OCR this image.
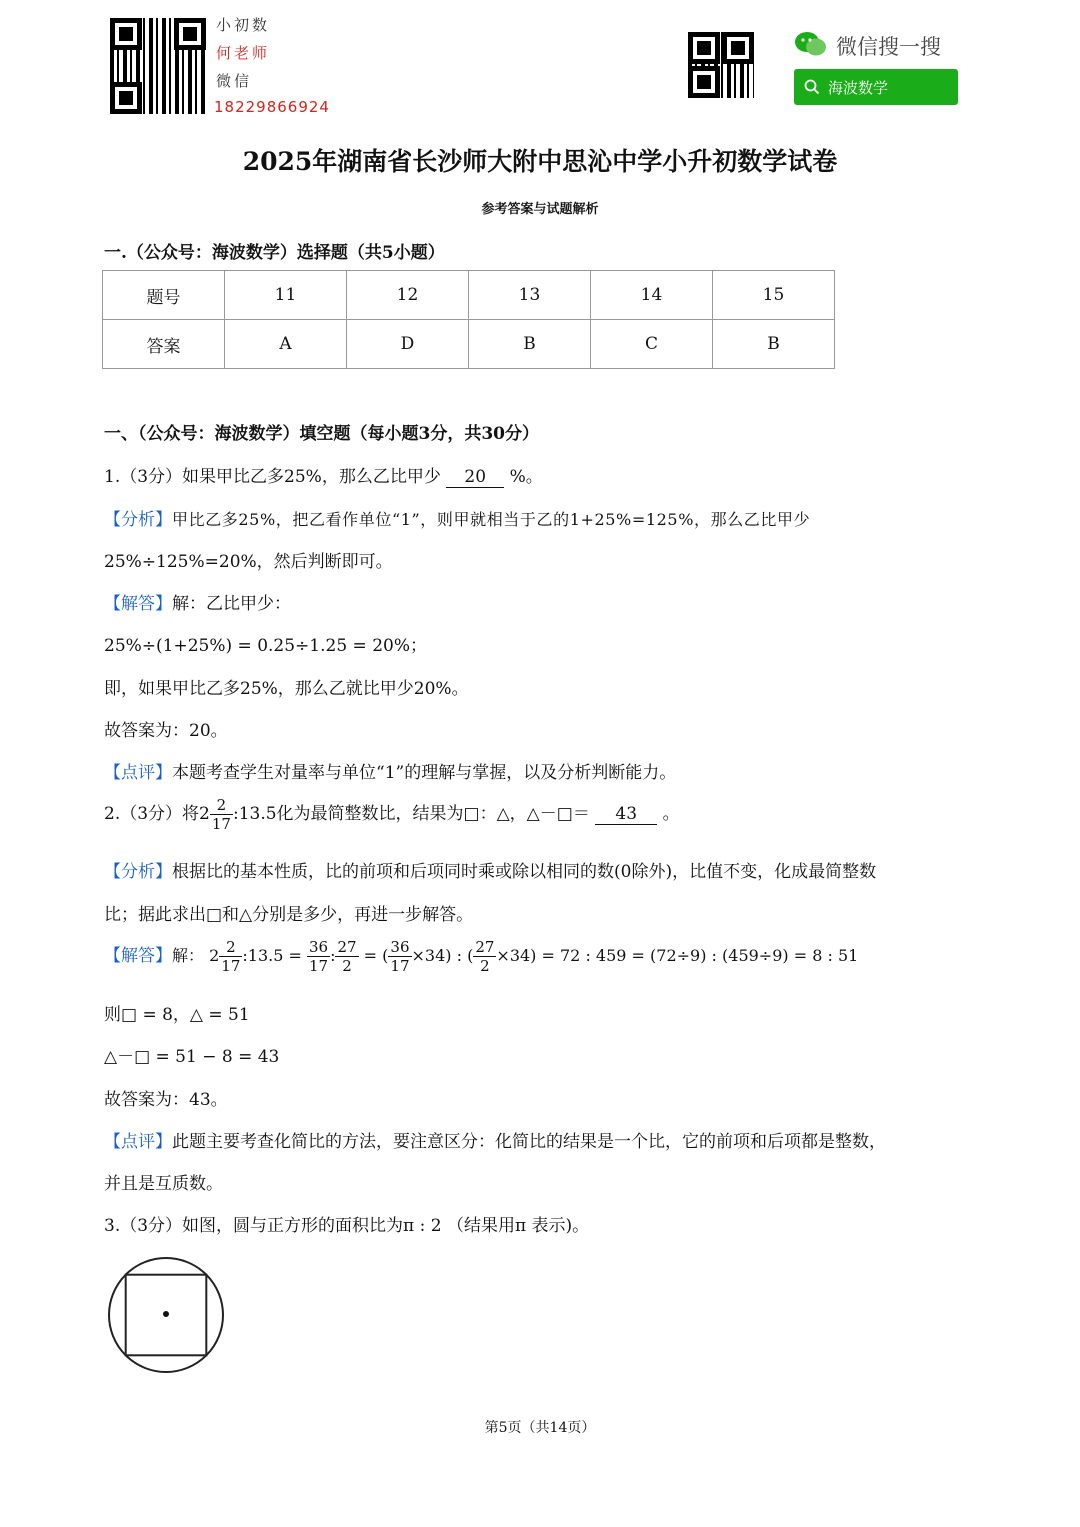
小初数
何老师
微信
18229866924
微信搜一搜
海波数学
2025年湖南省长沙师大附中思沁中学小升初数学试卷
参考答案与试题解析
一.（公众号：海波数学）选择题（共5小题）
题号	11	12	13	14	15
答案	A	D	B	C	B
一、（公众号：海波数学）填空题（每小题3分，共30分）
1.（3分）如果甲比乙多25%，那么乙比甲少 20 %。
【分析】甲比乙多25%，把乙看作单位“1”，则甲就相当于乙的1+25%=125%，那么乙比甲少
25%÷125%=20%，然后判断即可。
【解答】解：乙比甲少：
25%÷(1+25%) = 0.25÷1.25 = 20%；
即，如果甲比乙多25%，那么乙就比甲少20%。
故答案为：20。
【点评】本题考查学生对量率与单位“1”的理解与掌握，以及分析判断能力。
2.（3分）将$2 \frac{2}{17}$ :13.5化为最简整数比，结果为□：△，△－□＝ 43 。
【分析】根据比的基本性质，比的前项和后项同时乘或除以相同的数(0除外)，比值不变，化成最简整数
比；据此求出□和△分别是多少，再进一步解答。
【解答】解： $2 \frac{2}{17}$ :13.5 = $\frac{36}{17}$ : $\frac{27}{2}$ = ( $\frac{36}{17} \times 34$) : ( $\frac{27}{2} \times 34) = 72$ : 459 = (72÷9) : (459÷9) = 8 : 51
则□ = 8，△ = 51
△－□ = 51 − 8 = 43
故答案为：43。
【点评】此题主要考查化简比的方法，要注意区分：化简比的结果是一个比，它的前项和后项都是整数，
并且是互质数。
3.（3分）如图，圆与正方形的面积比为π : 2 （结果用π 表示)。
第5页（共14页）
